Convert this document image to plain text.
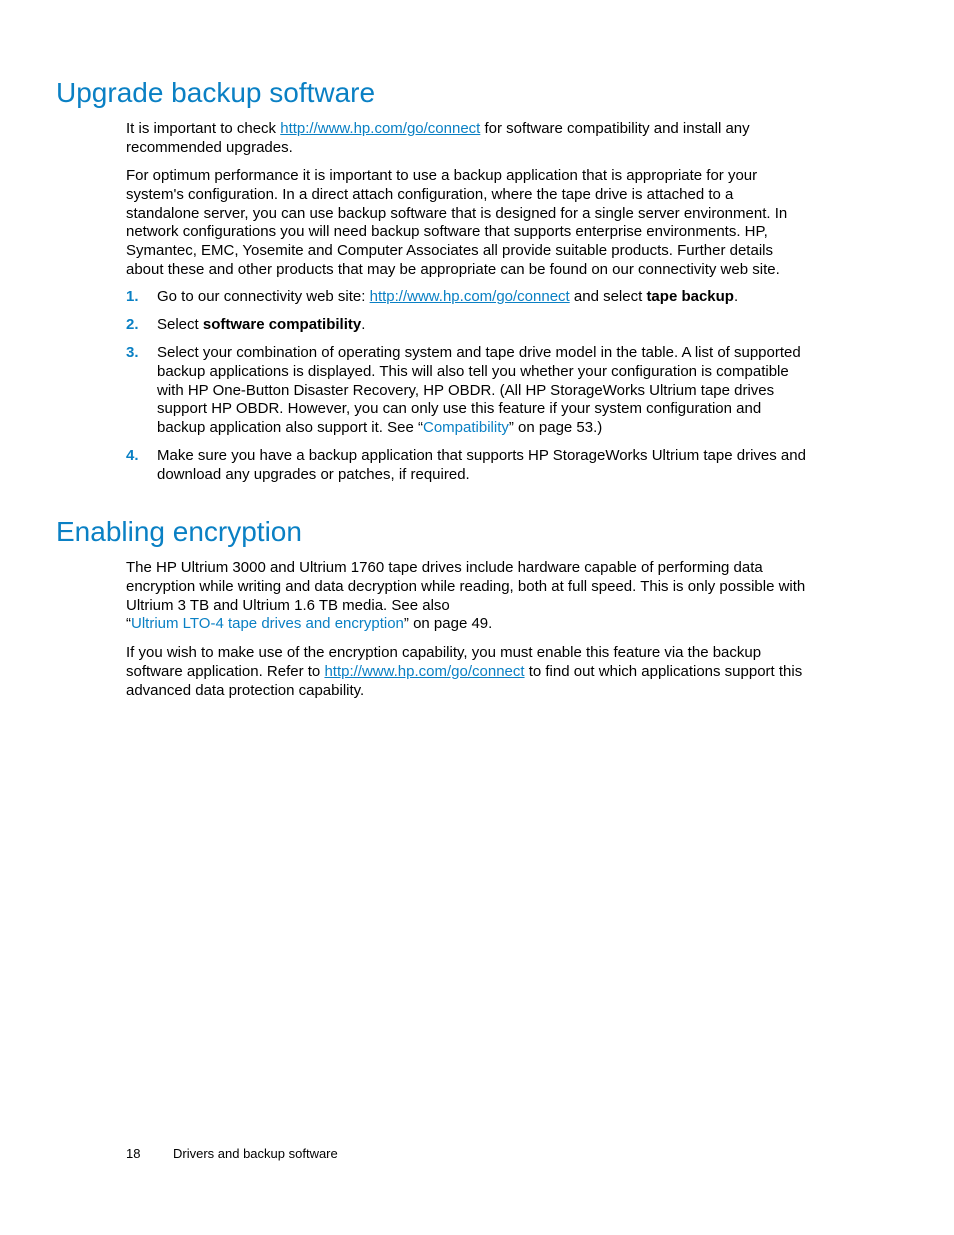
Upgrade backup software

It is important to check http://www.hp.com/go/connect for software compatibility and install any recommended upgrades.

For optimum performance it is important to use a backup application that is appropriate for your system's configuration. In a direct attach configuration, where the tape drive is attached to a standalone server, you can use backup software that is designed for a single server environment. In network configurations you will need backup software that supports enterprise environments. HP, Symantec, EMC, Yosemite and Computer Associates all provide suitable products. Further details about these and other products that may be appropriate can be found on our connectivity web site.

1.	Go to our connectivity web site: http://www.hp.com/go/connect and select tape backup.
2.	Select software compatibility.
3.	Select your combination of operating system and tape drive model in the table. A list of supported backup applications is displayed. This will also tell you whether your configuration is compatible with HP One-Button Disaster Recovery, HP OBDR. (All HP StorageWorks Ultrium tape drives support HP OBDR. However, you can only use this feature if your system configuration and backup application also support it. See “Compatibility” on page 53.)
4.	Make sure you have a backup application that supports HP StorageWorks Ultrium tape drives and download any upgrades or patches, if required.
Enabling encryption

The HP Ultrium 3000 and Ultrium 1760 tape drives include hardware capable of performing data encryption while writing and data decryption while reading, both at full speed. This is only possible with Ultrium 3 TB and Ultrium 1.6 TB media. See also
“Ultrium LTO-4 tape drives and encryption” on page 49.

If you wish to make use of the encryption capability, you must enable this feature via the backup software application. Refer to http://www.hp.com/go/connect to find out which applications support this advanced data protection capability.

18	Drivers and backup software
